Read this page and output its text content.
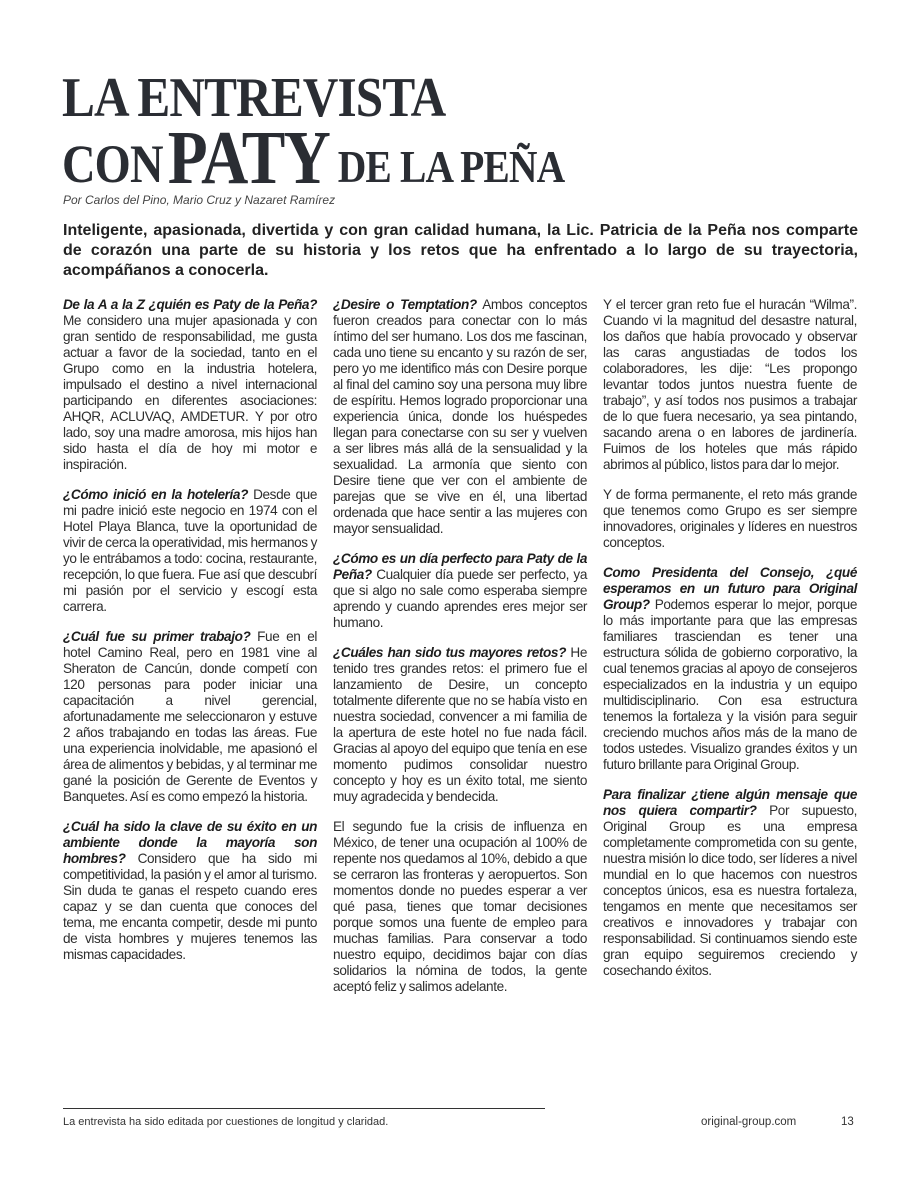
LA ENTREVISTA
CON PATY DE LA PEÑA
Por Carlos del Pino, Mario Cruz y Nazaret Ramírez
Inteligente, apasionada, divertida y con gran calidad humana, la Lic. Patricia de la Peña nos comparte de corazón una parte de su historia y los retos que ha enfrentado a lo largo de su trayectoria, acompáñanos a conocerla.

De la A a la Z ¿quién es Paty de la Peña? Me considero una mujer apasionada y con gran sentido de responsabilidad, me gusta actuar a favor de la sociedad, tanto en el Grupo como en la industria hotelera, impulsado el destino a nivel internacional participando en diferentes asociaciones: AHQR, ACLUVAQ, AMDETUR. Y por otro lado, soy una madre amorosa, mis hijos han sido hasta el día de hoy mi motor e inspiración.

¿Cómo inició en la hotelería? Desde que mi padre inició este negocio en 1974 con el Hotel Playa Blanca, tuve la oportunidad de vivir de cerca la operatividad, mis hermanos y yo le entrábamos a todo: cocina, restaurante, recepción, lo que fuera. Fue así que descubrí mi pasión por el servicio y escogí esta carrera.

¿Cuál fue su primer trabajo? Fue en el hotel Camino Real, pero en 1981 vine al Sheraton de Cancún, donde competí con 120 personas para poder iniciar una capacitación a nivel gerencial, afortunadamente me seleccionaron y estuve 2 años trabajando en todas las áreas. Fue una experiencia inolvidable, me apasionó el área de alimentos y bebidas, y al terminar me gané la posición de Gerente de Eventos y Banquetes. Así es como empezó la historia.

¿Cuál ha sido la clave de su éxito en un ambiente donde la mayoría son hombres? Considero que ha sido mi competitividad, la pasión y el amor al turismo. Sin duda te ganas el respeto cuando eres capaz y se dan cuenta que conoces del tema, me encanta competir, desde mi punto de vista hombres y mujeres tenemos las mismas capacidades.

¿Desire o Temptation? Ambos conceptos fueron creados para conectar con lo más íntimo del ser humano. Los dos me fascinan, cada uno tiene su encanto y su razón de ser, pero yo me identifico más con Desire porque al final del camino soy una persona muy libre de espíritu. Hemos logrado proporcionar una experiencia única, donde los huéspedes llegan para conectarse con su ser y vuelven a ser libres más allá de la sensualidad y la sexualidad. La armonía que siento con Desire tiene que ver con el ambiente de parejas que se vive en él, una libertad ordenada que hace sentir a las mujeres con mayor sensualidad.

¿Cómo es un día perfecto para Paty de la Peña? Cualquier día puede ser perfecto, ya que si algo no sale como esperaba siempre aprendo y cuando aprendes eres mejor ser humano.

¿Cuáles han sido tus mayores retos? He tenido tres grandes retos: el primero fue el lanzamiento de Desire, un concepto totalmente diferente que no se había visto en nuestra sociedad, convencer a mi familia de la apertura de este hotel no fue nada fácil. Gracias al apoyo del equipo que tenía en ese momento pudimos consolidar nuestro concepto y hoy es un éxito total, me siento muy agradecida y bendecida.

El segundo fue la crisis de influenza en México, de tener una ocupación al 100% de repente nos quedamos al 10%, debido a que se cerraron las fronteras y aeropuertos. Son momentos donde no puedes esperar a ver qué pasa, tienes que tomar decisiones porque somos una fuente de empleo para muchas familias. Para conservar a todo nuestro equipo, decidimos bajar con días solidarios la nómina de todos, la gente aceptó feliz y salimos adelante.

Y el tercer gran reto fue el huracán “Wilma”. Cuando vi la magnitud del desastre natural, los daños que había provocado y observar las caras angustiadas de todos los colaboradores, les dije: “Les propongo levantar todos juntos nuestra fuente de trabajo”, y así todos nos pusimos a trabajar de lo que fuera necesario, ya sea pintando, sacando arena o en labores de jardinería. Fuimos de los hoteles que más rápido abrimos al público, listos para dar lo mejor.

Y de forma permanente, el reto más grande que tenemos como Grupo es ser siempre innovadores, originales y líderes en nuestros conceptos.

Como Presidenta del Consejo, ¿qué esperamos en un futuro para Original Group? Podemos esperar lo mejor, porque lo más importante para que las empresas familiares trasciendan es tener una estructura sólida de gobierno corporativo, la cual tenemos gracias al apoyo de consejeros especializados en la industria y un equipo multidisciplinario. Con esa estructura tenemos la fortaleza y la visión para seguir creciendo muchos años más de la mano de todos ustedes. Visualizo grandes éxitos y un futuro brillante para Original Group.

Para finalizar ¿tiene algún mensaje que nos quiera compartir? Por supuesto, Original Group es una empresa completamente comprometida con su gente, nuestra misión lo dice todo, ser líderes a nivel mundial en lo que hacemos con nuestros conceptos únicos, esa es nuestra fortaleza, tengamos en mente que necesitamos ser creativos e innovadores y trabajar con responsabilidad. Si continuamos siendo este gran equipo seguiremos creciendo y cosechando éxitos.

La entrevista ha sido editada por cuestiones de longitud y claridad.	original-group.com	13
